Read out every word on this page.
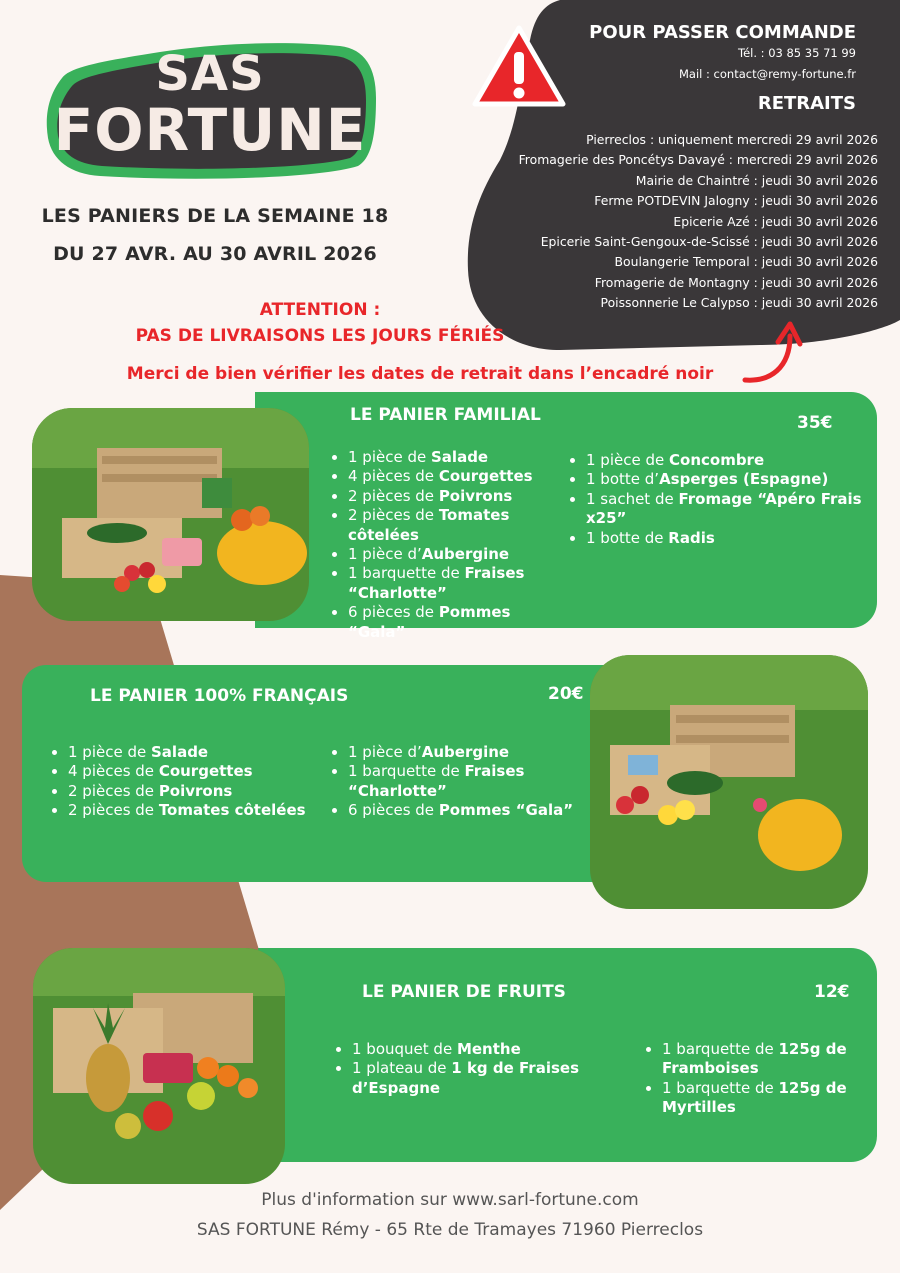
SAS
FORTUNE
LES PANIERS DE LA SEMAINE 18
DU 27 AVR. AU 30 AVRIL 2026
ATTENTION :
PAS DE LIVRAISONS LES JOURS FÉRIÉS
Merci de bien vérifier les dates de retrait dans l’encadré noir
POUR PASSER COMMANDE
Tél. : 03 85 35 71 99
Mail : contact@remy-fortune.fr
RETRAITS
Pierreclos : uniquement mercredi 29 avril 2026
Fromagerie des Poncétys Davayé : mercredi 29 avril 2026
Mairie de Chaintré : jeudi 30 avril 2026
Ferme POTDEVIN Jalogny : jeudi 30 avril 2026
Epicerie Azé : jeudi 30 avril 2026
Epicerie Saint-Gengoux-de-Scissé : jeudi 30 avril 2026
Boulangerie Temporal : jeudi 30 avril 2026
Fromagerie de Montagny : jeudi 30 avril 2026
Poissonnerie Le Calypso : jeudi 30 avril 2026
LE PANIER FAMILIAL	35€
• 1 pièce de Salade
• 4 pièces de Courgettes
• 2 pièces de Poivrons
• 2 pièces de Tomates côtelées
• 1 pièce d’Aubergine
• 1 barquette de Fraises “Charlotte”
• 6 pièces de Pommes “Gala”
• 1 pièce de Concombre
• 1 botte d’Asperges (Espagne)
• 1 sachet de Fromage “Apéro Frais x25”
• 1 botte de Radis
LE PANIER 100% FRANÇAIS	20€
• 1 pièce de Salade
• 4 pièces de Courgettes
• 2 pièces de Poivrons
• 2 pièces de Tomates côtelées
• 1 pièce d’Aubergine
• 1 barquette de Fraises “Charlotte”
• 6 pièces de Pommes “Gala”
LE PANIER DE FRUITS	12€
• 1 bouquet de Menthe
• 1 plateau de 1 kg de Fraises d’Espagne
• 1 barquette de 125g de Framboises
• 1 barquette de 125g de Myrtilles
Plus d'information sur www.sarl-fortune.com
SAS FORTUNE Rémy - 65 Rte de Tramayes 71960 Pierreclos
